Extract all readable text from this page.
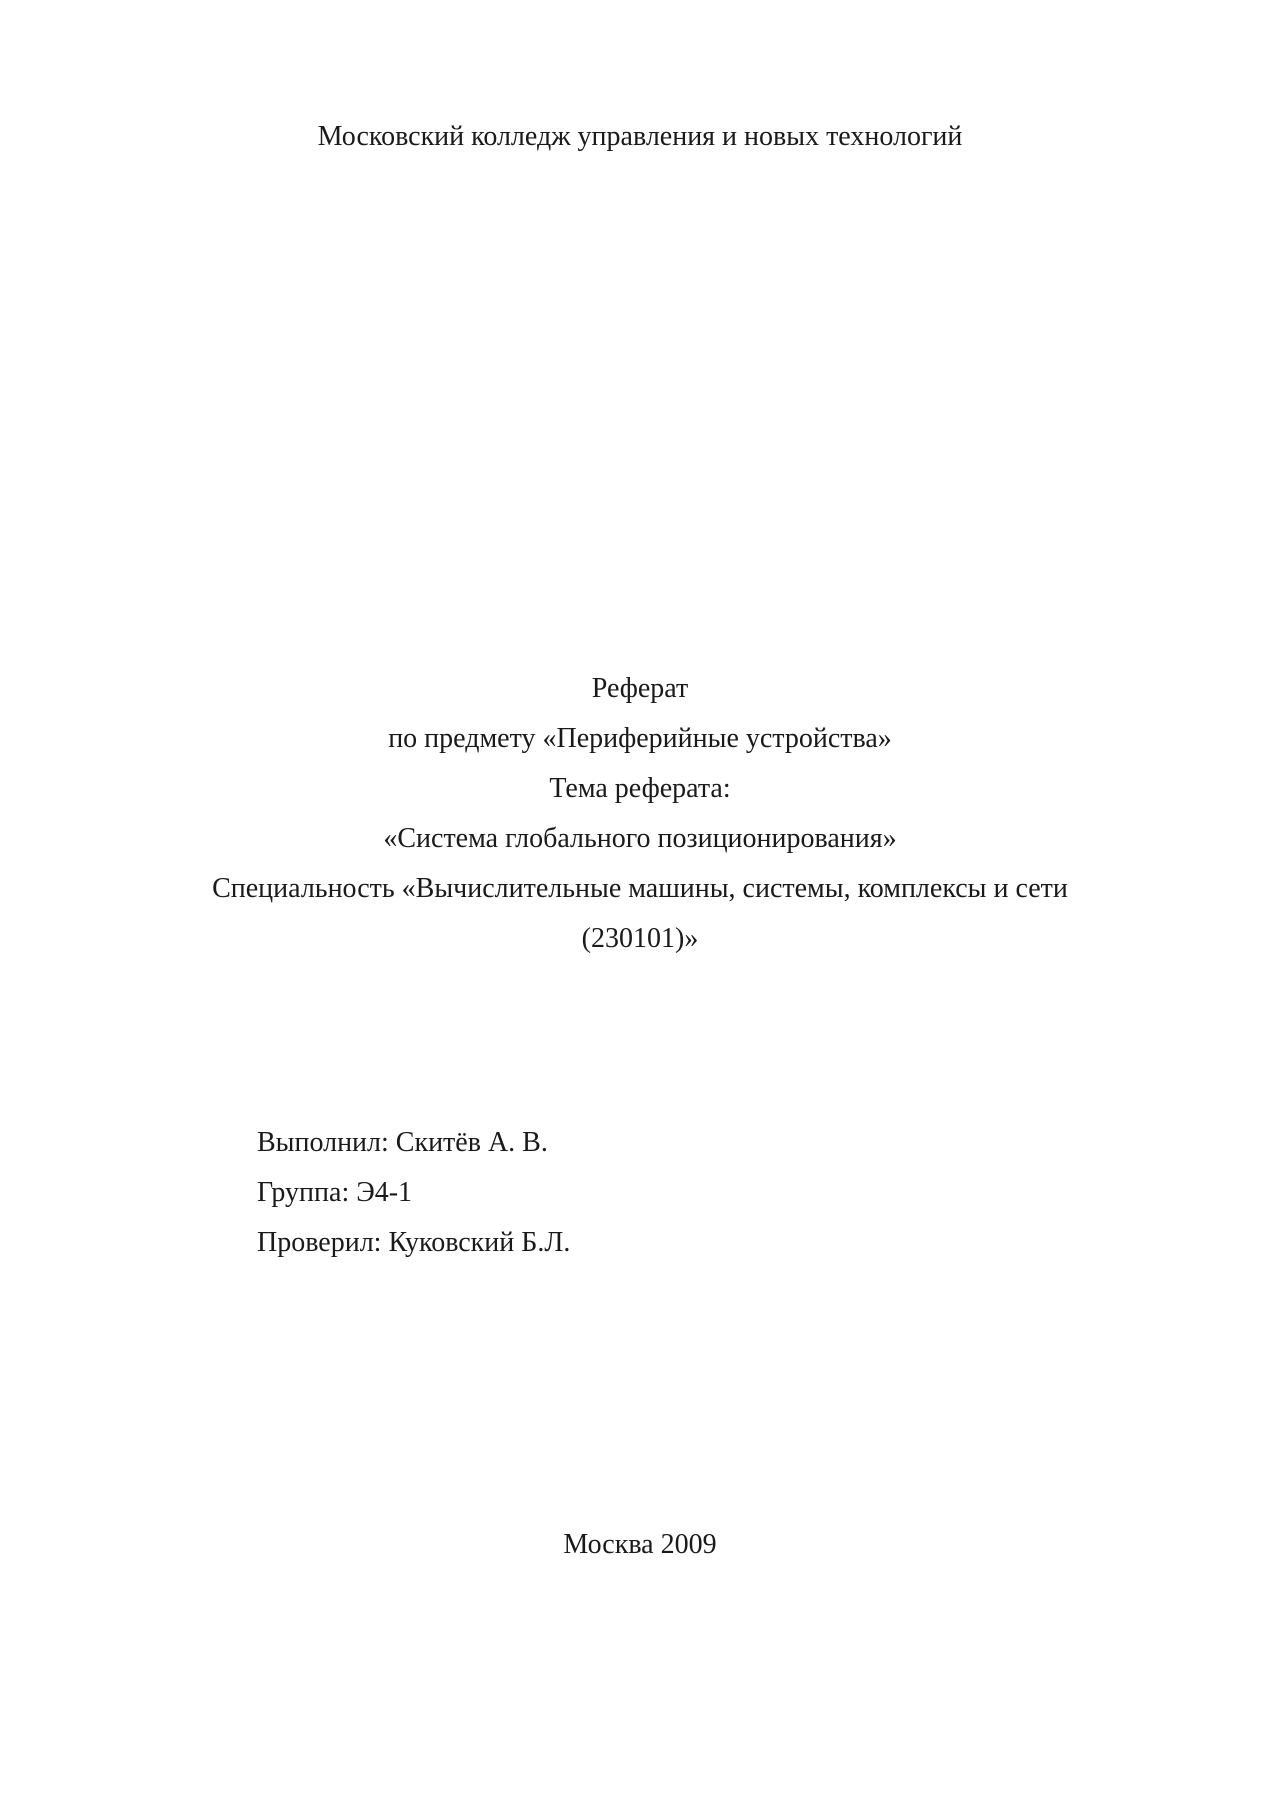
Московский колледж управления и новых технологий
Реферат
по предмету «Периферийные устройства»
Тема реферата:
«Система глобального позиционирования»
Специальность «Вычислительные машины, системы, комплексы и сети
(230101)»
Выполнил: Скитёв А. В.
Группа: Э4-1
Проверил: Куковский Б.Л.
Москва 2009
